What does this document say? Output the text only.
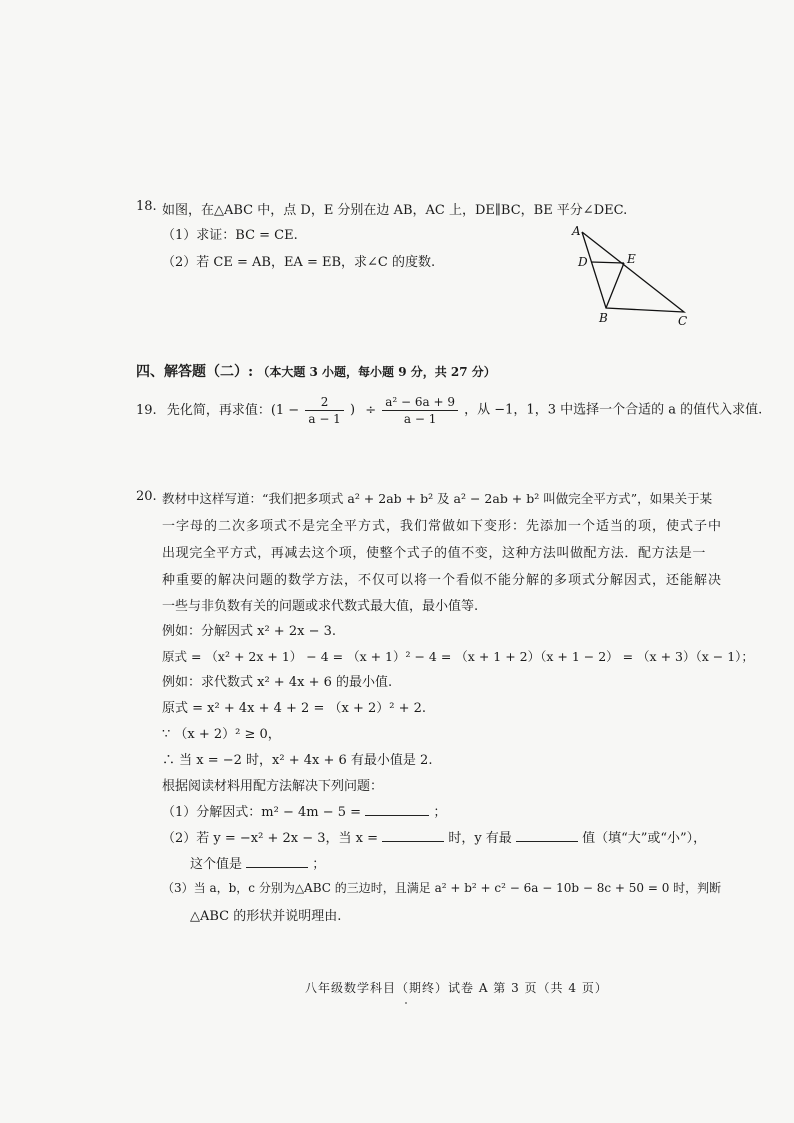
18. 如图，在△ABC 中，点 D，E 分别在边 AB，AC 上，DE∥BC，BE 平分∠DEC.
（1）求证：BC = CE.
（2）若 CE = AB，EA = EB，求∠C 的度数.
A
D	E
B	C
四、解答题（二）: （本大题 3 小题，每小题 9 分，共 27 分）
19. 先化简，再求值：($1 - \frac{2}{a - 1}$ ) ÷ $\frac{\text{a² − 6a + 9}}{a - 1}$ ，从 −1，1，3 中选择一个合适的 a 的值代入求值.
20. 教材中这样写道：“我们把多项式 a² + 2ab + b² 及 a² − 2ab + b² 叫做完全平方式”，如果关于某
一字母的二次多项式不是完全平方式，我们常做如下变形：先添加一个适当的项，使式子中
出现完全平方式，再减去这个项，使整个式子的值不变，这种方法叫做配方法．配方法是一
种重要的解决问题的数学方法，不仅可以将一个看似不能分解的多项式分解因式，还能解决
一些与非负数有关的问题或求代数式最大值，最小值等.
例如：分解因式 x² + 2x − 3.
原式 = （x² + 2x + 1） − 4 = （x + 1）² − 4 = （x + 1 + 2）（x + 1 − 2） = （x + 3）（x − 1）；
例如：求代数式 x² + 4x + 6 的最小值.
原式 = x² + 4x + 4 + 2 = （x + 2）² + 2.
∵ （x + 2）² ≥ 0，
∴ 当 x = −2 时，x² + 4x + 6 有最小值是 2.
根据阅读材料用配方法解决下列问题：
（1）分解因式：m² − 4m − 5 =	；
（2）若 y = −x² + 2x − 3，当 x =	时，y 有最	值（填“大”或“小”），
这个值是	；
（3）当 a，b，c 分别为△ABC 的三边时，且满足 a² + b² + c² − 6a − 10b − 8c + 50 = 0 时，判断
△ABC 的形状并说明理由.
八年级数学科目（期终）试卷 A 第 3 页（共 4 页）
